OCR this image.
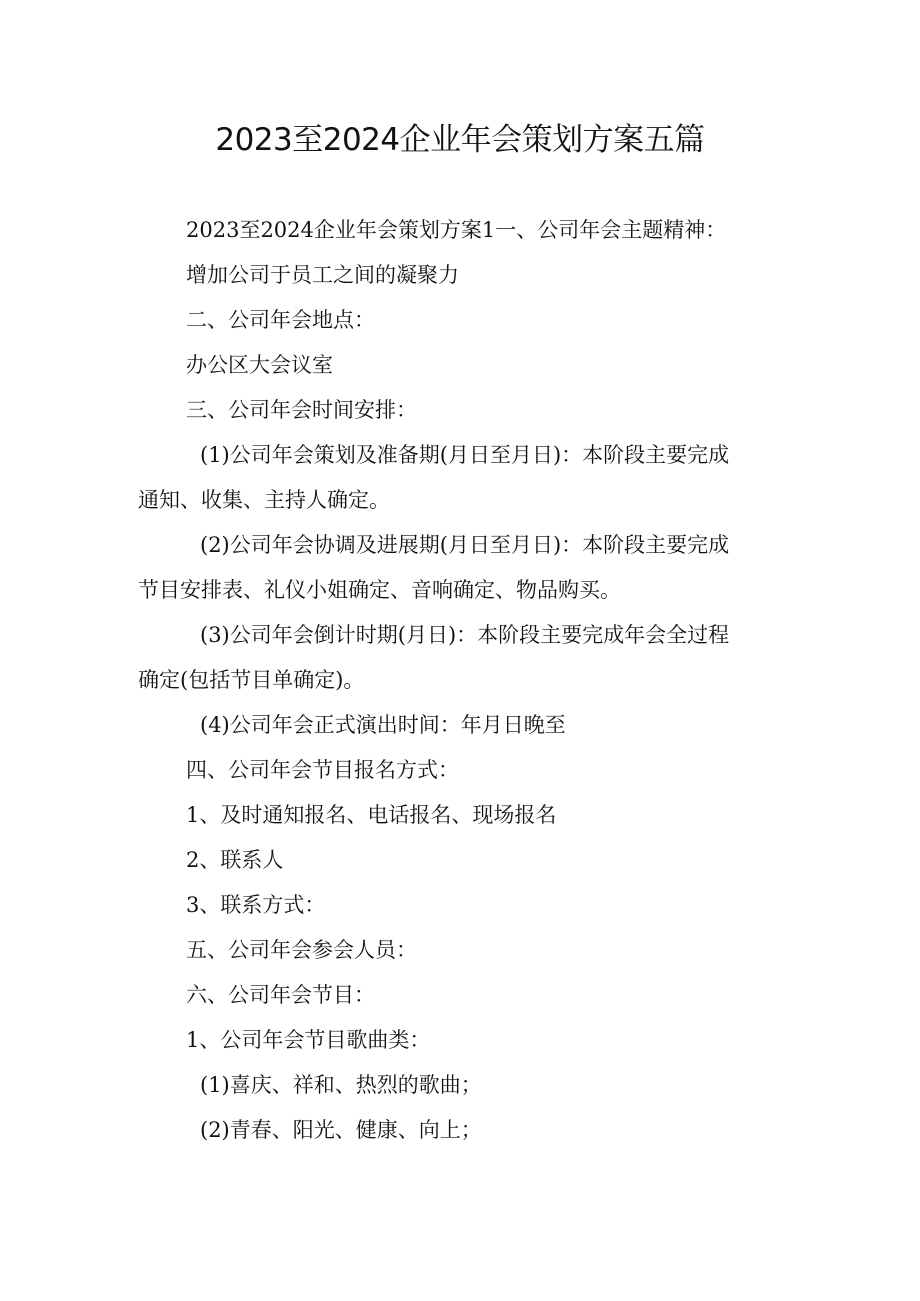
2023至2024企业年会策划方案五篇
2023至2024企业年会策划方案1一、公司年会主题精神：
增加公司于员工之间的凝聚力
二、公司年会地点：
办公区大会议室
三、公司年会时间安排：
(1)公司年会策划及准备期(月日至月日)：本阶段主要完成
通知、收集、主持人确定。
(2)公司年会协调及进展期(月日至月日)：本阶段主要完成
节目安排表、礼仪小姐确定、音响确定、物品购买。
(3)公司年会倒计时期(月日)：本阶段主要完成年会全过程
确定(包括节目单确定)。
(4)公司年会正式演出时间：年月日晚至
四、公司年会节目报名方式：
1、及时通知报名、电话报名、现场报名
2、联系人
3、联系方式：
五、公司年会参会人员：
六、公司年会节目：
1、公司年会节目歌曲类：
(1)喜庆、祥和、热烈的歌曲；
(2)青春、阳光、健康、向上；
